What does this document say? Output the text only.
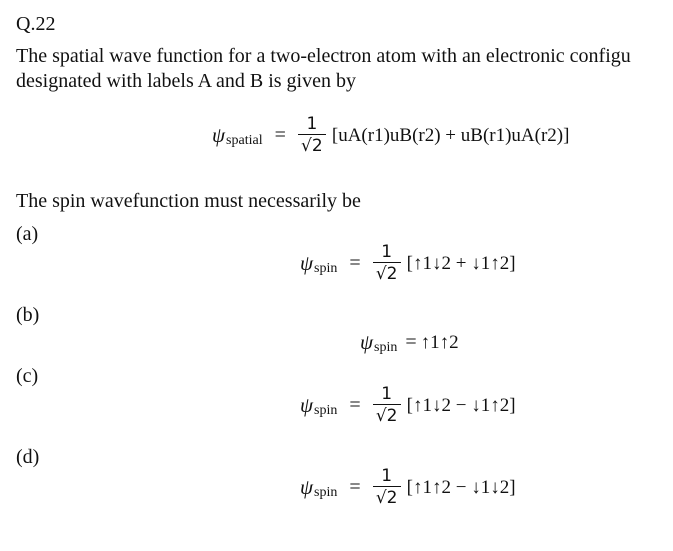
Q.22
The spatial wave function for a two-electron atom with an electronic configu
designated with labels A and B is given by
ψ spatial = $\frac{1}{√2} [uA(r1)uB(r2) + uB(r1)uA(r2)]$
The spin wavefunction must necessarily be
(a)
ψ spin = $\frac{1}{√2}$ [↑1↓2 + ↓1↑2]
(b)
ψ spin = ↑1↑2
(c)
ψ spin = $\frac{1}{√2}$ [↑1↓2 − ↓1↑2]
(d)
ψ spin = $\frac{1}{√2}$ [↑1↑2 − ↓1↓2]
